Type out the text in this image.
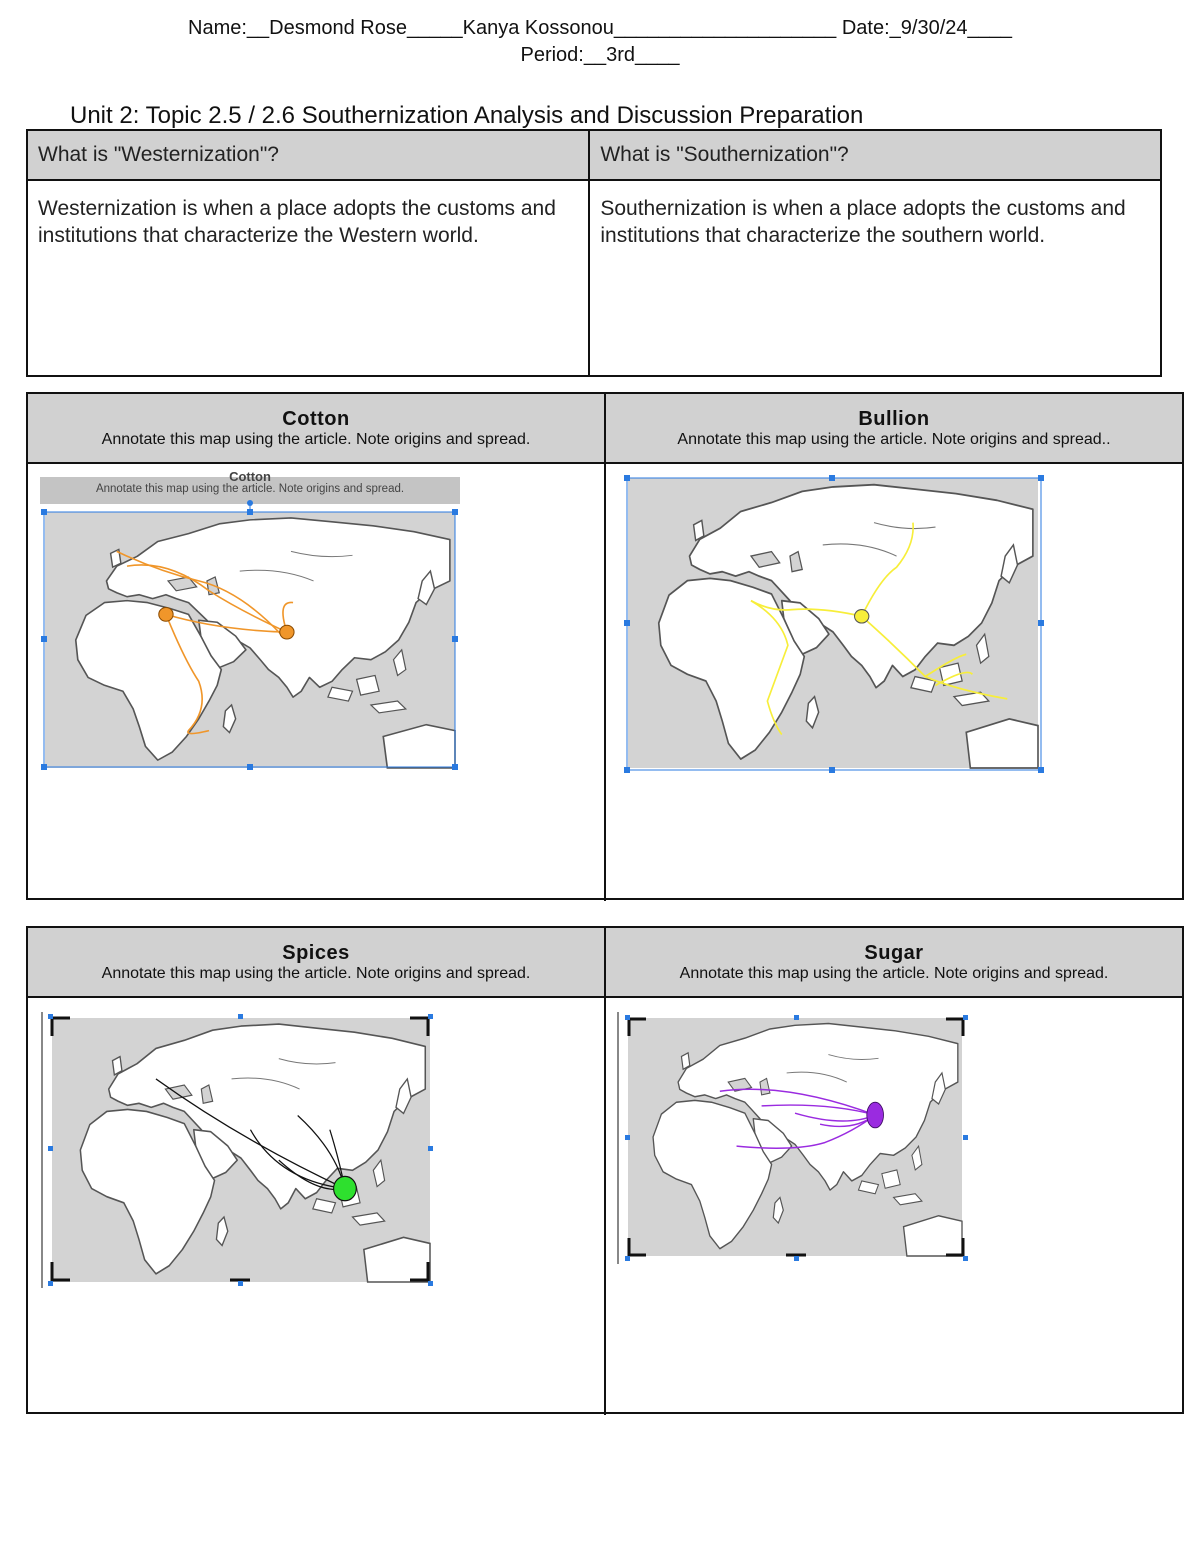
Name:__Desmond Rose_____Kanya Kossonou____________________ Date:_9/30/24____
Period:__3rd____
Unit 2: Topic 2.5 / 2.6 Southernization Analysis and Discussion Preparation
What is "Westernization"?	What is "Southernization"?
Westernization is when a place adopts the customs and institutions that characterize the Western world.	Southernization is when a place adopts the customs and institutions that characterize the southern world.
Cotton
Annotate this map using the article. Note origins and spread.
Bullion
Annotate this map using the article. Note origins and spread..
Spices
Annotate this map using the article. Note origins and spread.
Sugar
Annotate this map using the article. Note origins and spread.
Cotton
Annotate this map using the article. Note origins and spread.
